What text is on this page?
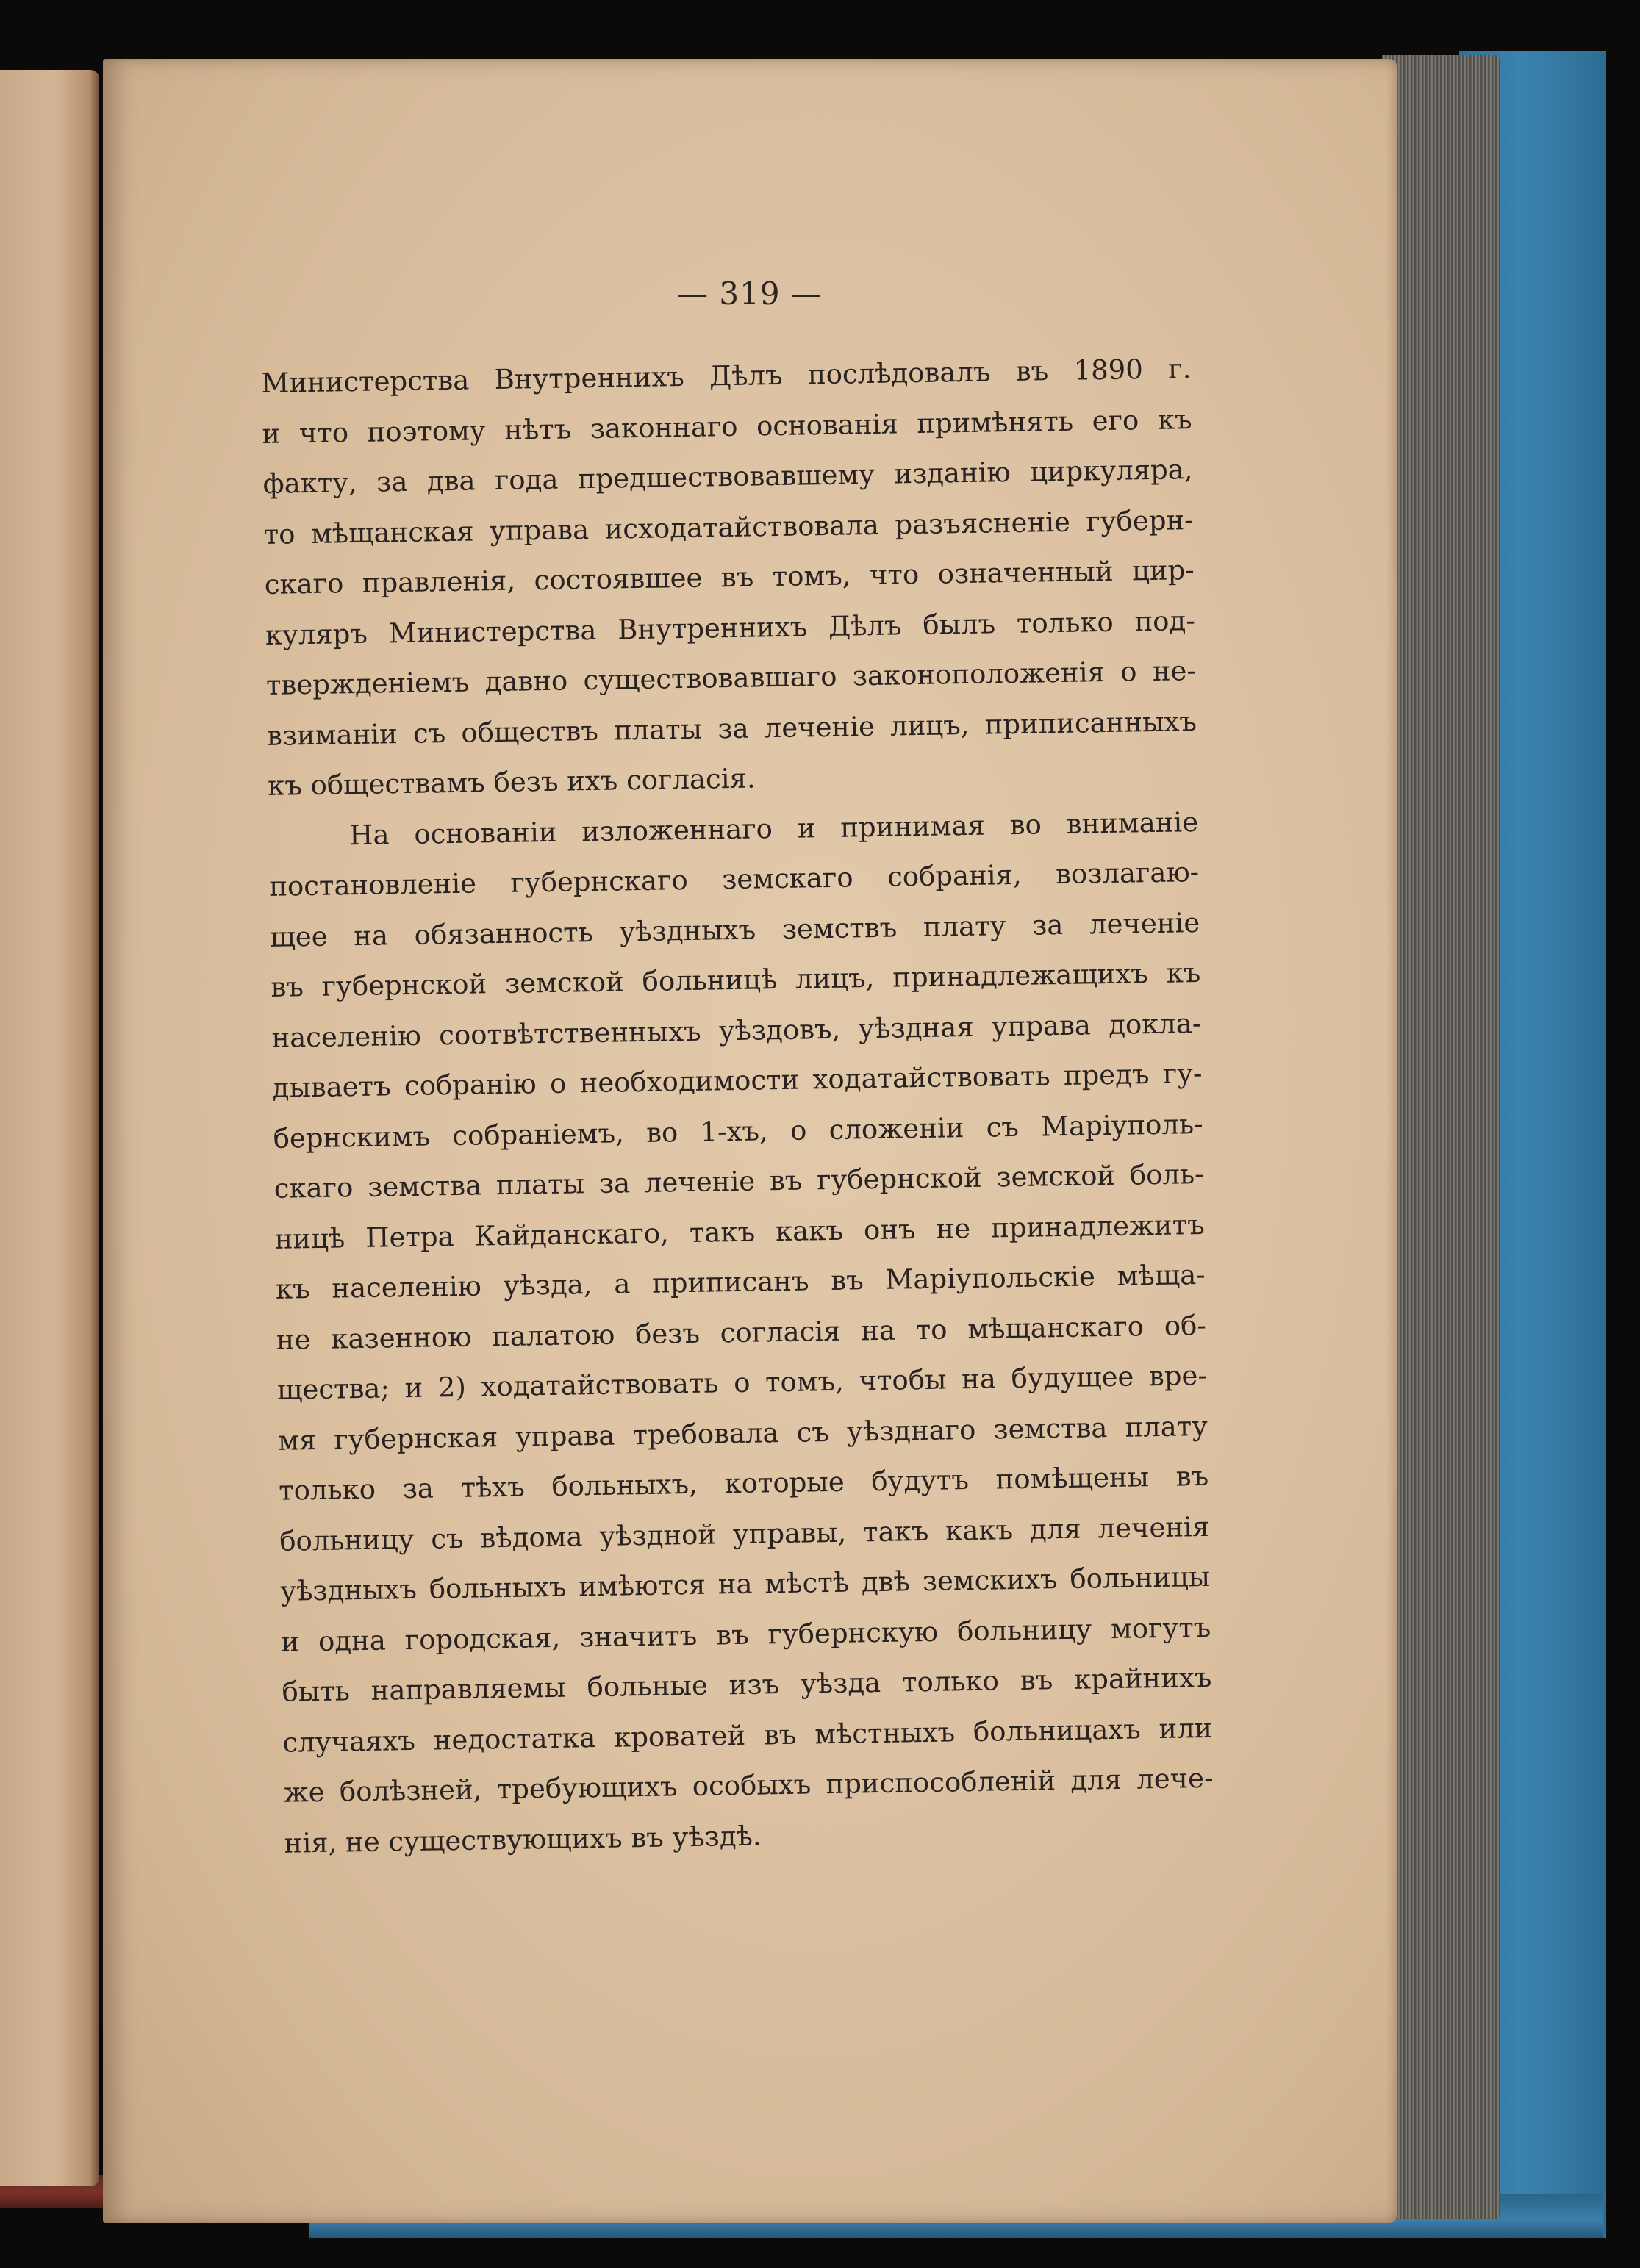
— 319 —
Министерства Внутреннихъ Дѣлъ послѣдовалъ въ 1890 г.
и что поэтому нѣтъ законнаго основанія примѣнять его къ
факту, за два года предшествовавшему изданію циркуляра,
то мѣщанская управа исходатайствовала разъясненіе губерн-
скаго правленія, состоявшее въ томъ, что означенный цир-
куляръ Министерства Внутреннихъ Дѣлъ былъ только под-
твержденіемъ давно существовавшаго законоположенія о не-
взиманіи съ обществъ платы за леченіе лицъ, приписанныхъ
къ обществамъ безъ ихъ согласія.
На основаніи изложеннаго и принимая во вниманіе
постановленіе губернскаго земскаго собранія, возлагаю-
щее на обязанность уѣздныхъ земствъ плату за леченіе
въ губернской земской больницѣ лицъ, принадлежащихъ къ
населенію соотвѣтственныхъ уѣздовъ, уѣздная управа докла-
дываетъ собранію о необходимости ходатайствовать предъ гу-
бернскимъ собраніемъ, во 1-хъ, о сложеніи съ Маріуполь-
скаго земства платы за леченіе въ губернской земской боль-
ницѣ Петра Кайданскаго, такъ какъ онъ не принадлежитъ
къ населенію уѣзда, а приписанъ въ Маріупольскіе мѣща-
не казенною палатою безъ согласія на то мѣщанскаго об-
щества; и 2) ходатайствовать о томъ, чтобы на будущее вре-
мя губернская управа требовала съ уѣзднаго земства плату
только за тѣхъ больныхъ, которые будутъ помѣщены въ
больницу съ вѣдома уѣздной управы, такъ какъ для леченія
уѣздныхъ больныхъ имѣются на мѣстѣ двѣ земскихъ больницы
и одна городская, значитъ въ губернскую больницу могутъ
быть направляемы больные изъ уѣзда только въ крайнихъ
случаяхъ недостатка кроватей въ мѣстныхъ больницахъ или
же болѣзней, требующихъ особыхъ приспособленій для лече-
нія, не существующихъ въ уѣздѣ.
